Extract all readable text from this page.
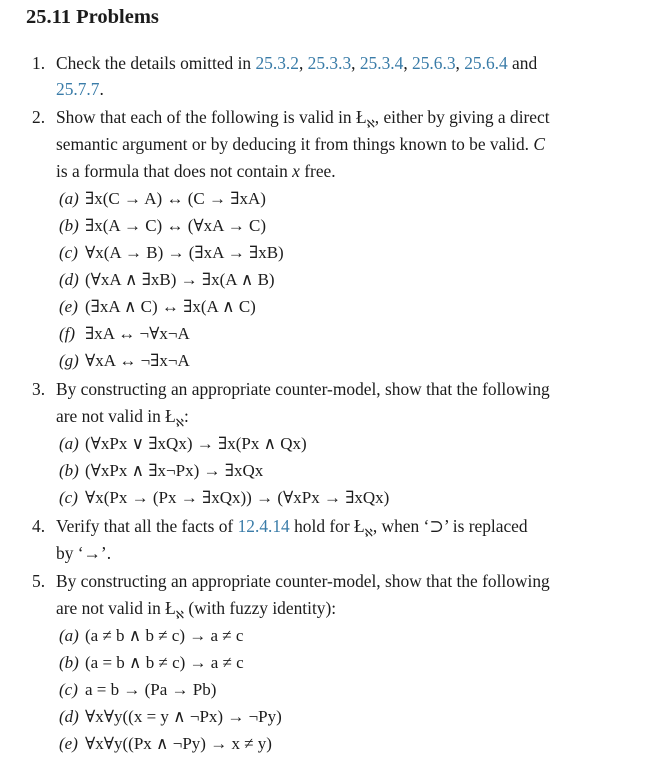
25.11 Problems
1. Check the details omitted in 25.3.2, 25.3.3, 25.3.4, 25.6.3, 25.6.4 and
25.7.7.
2. Show that each of the following is valid in $Ł_ℵ$, either by giving a direct
semantic argument or by deducing it from things known to be valid. C
is a formula that does not contain x free.
(a) ∃x(C → A) ↔ (C → ∃xA)
(b) ∃x(A → C) ↔ (∀xA → C)
(c) ∀x(A → B) → (∃xA → ∃xB)
(d) (∀xA ∧ ∃xB) → ∃x(A ∧ B)
(e) (∃xA ∧ C) ↔ ∃x(A ∧ C)
(f) ∃xA ↔ ¬∀x¬A
(g) ∀xA ↔ ¬∃x¬A
3. By constructing an appropriate counter-model, show that the following
are not valid in $Ł_ℵ$:
(a) (∀xPx ∨ ∃xQx) → ∃x(Px ∧ Qx)
(b) (∀xPx ∧ ∃x¬Px) → ∃xQx
(c) ∀x(Px → (Px → ∃xQx)) → (∀xPx → ∃xQx)
4. Verify that all the facts of 12.4.14 hold for $Ł_ℵ$, when ‘⊃’ is replaced
by ‘→’.
5. By constructing an appropriate counter-model, show that the following
are not valid in $Ł_ℵ$ (with fuzzy identity):
(a) (a ≠ b ∧ b ≠ c) → a ≠ c
(b) (a = b ∧ b ≠ c) → a ≠ c
(c) a = b → (Pa → Pb)
(d) ∀x∀y((x = y ∧ ¬Px) → ¬Py)
(e) ∀x∀y((Px ∧ ¬Py) → x ≠ y)
